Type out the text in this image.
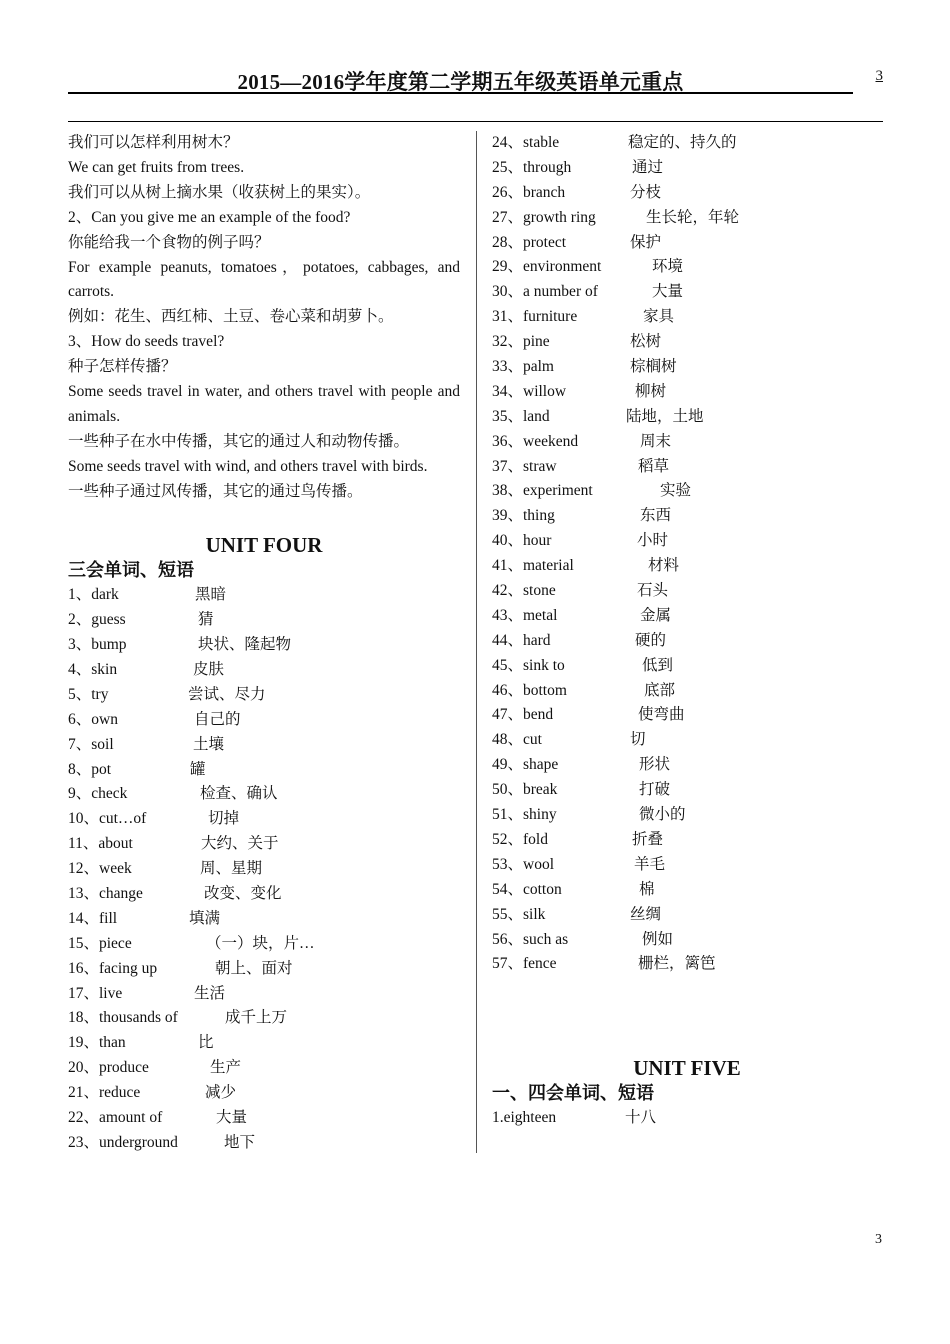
2015—2016学年度第二学期五年级英语单元重点	3

我们可以怎样利用树木？

We can get fruits from trees.

我们可以从树上摘水果（收获树上的果实）。

2、Can you give me an example of the food?

你能给我一个食物的例子吗？

For example peanuts, tomatoes，potatoes, cabbages, and carrots.

例如：花生、西红柿、土豆、卷心菜和胡萝卜。

3、How do seeds travel?

种子怎样传播？

Some seeds travel in water, and others travel with people and animals.

一些种子在水中传播，其它的通过人和动物传播。

Some seeds travel with wind, and others travel with birds.

一些种子通过风传播，其它的通过鸟传播。

UNIT FOUR
三会单词、短语
1、dark	黑暗
2、guess	猜
3、bump	块状、隆起物
4、skin	皮肤
5、try	尝试、尽力
6、own	自己的
7、soil	土壤
8、pot	罐
9、check	检查、确认
10、cut…of	切掉
11、about	大约、关于
12、week	周、星期
13、change	改变、变化
14、fill	填满
15、piece	（一）块，片…
16、facing up	朝上、面对
17、live	生活
18、thousands of	成千上万
19、than	比
20、produce	生产
21、reduce	减少
22、amount of	大量
23、underground	地下
24、stable	稳定的、持久的
25、through	通过
26、branch	分枝
27、growth ring	生长轮，年轮
28、protect	保护
29、environment	环境
30、a number of	大量
31、furniture	家具
32、pine	松树
33、palm	棕榈树
34、willow	柳树
35、land	陆地，土地
36、weekend	周末
37、straw	稻草
38、experiment	实验
39、thing	东西
40、hour	小时
41、material	材料
42、stone	石头
43、metal	金属
44、hard	硬的
45、sink to	低到
46、bottom	底部
47、bend	使弯曲
48、cut	切
49、shape	形状
50、break	打破
51、shiny	微小的
52、fold	折叠
53、wool	羊毛
54、cotton	棉
55、silk	丝绸
56、such as	例如
57、fence	栅栏，篱笆
UNIT FIVE
一、四会单词、短语
1.eighteen	十八
3
